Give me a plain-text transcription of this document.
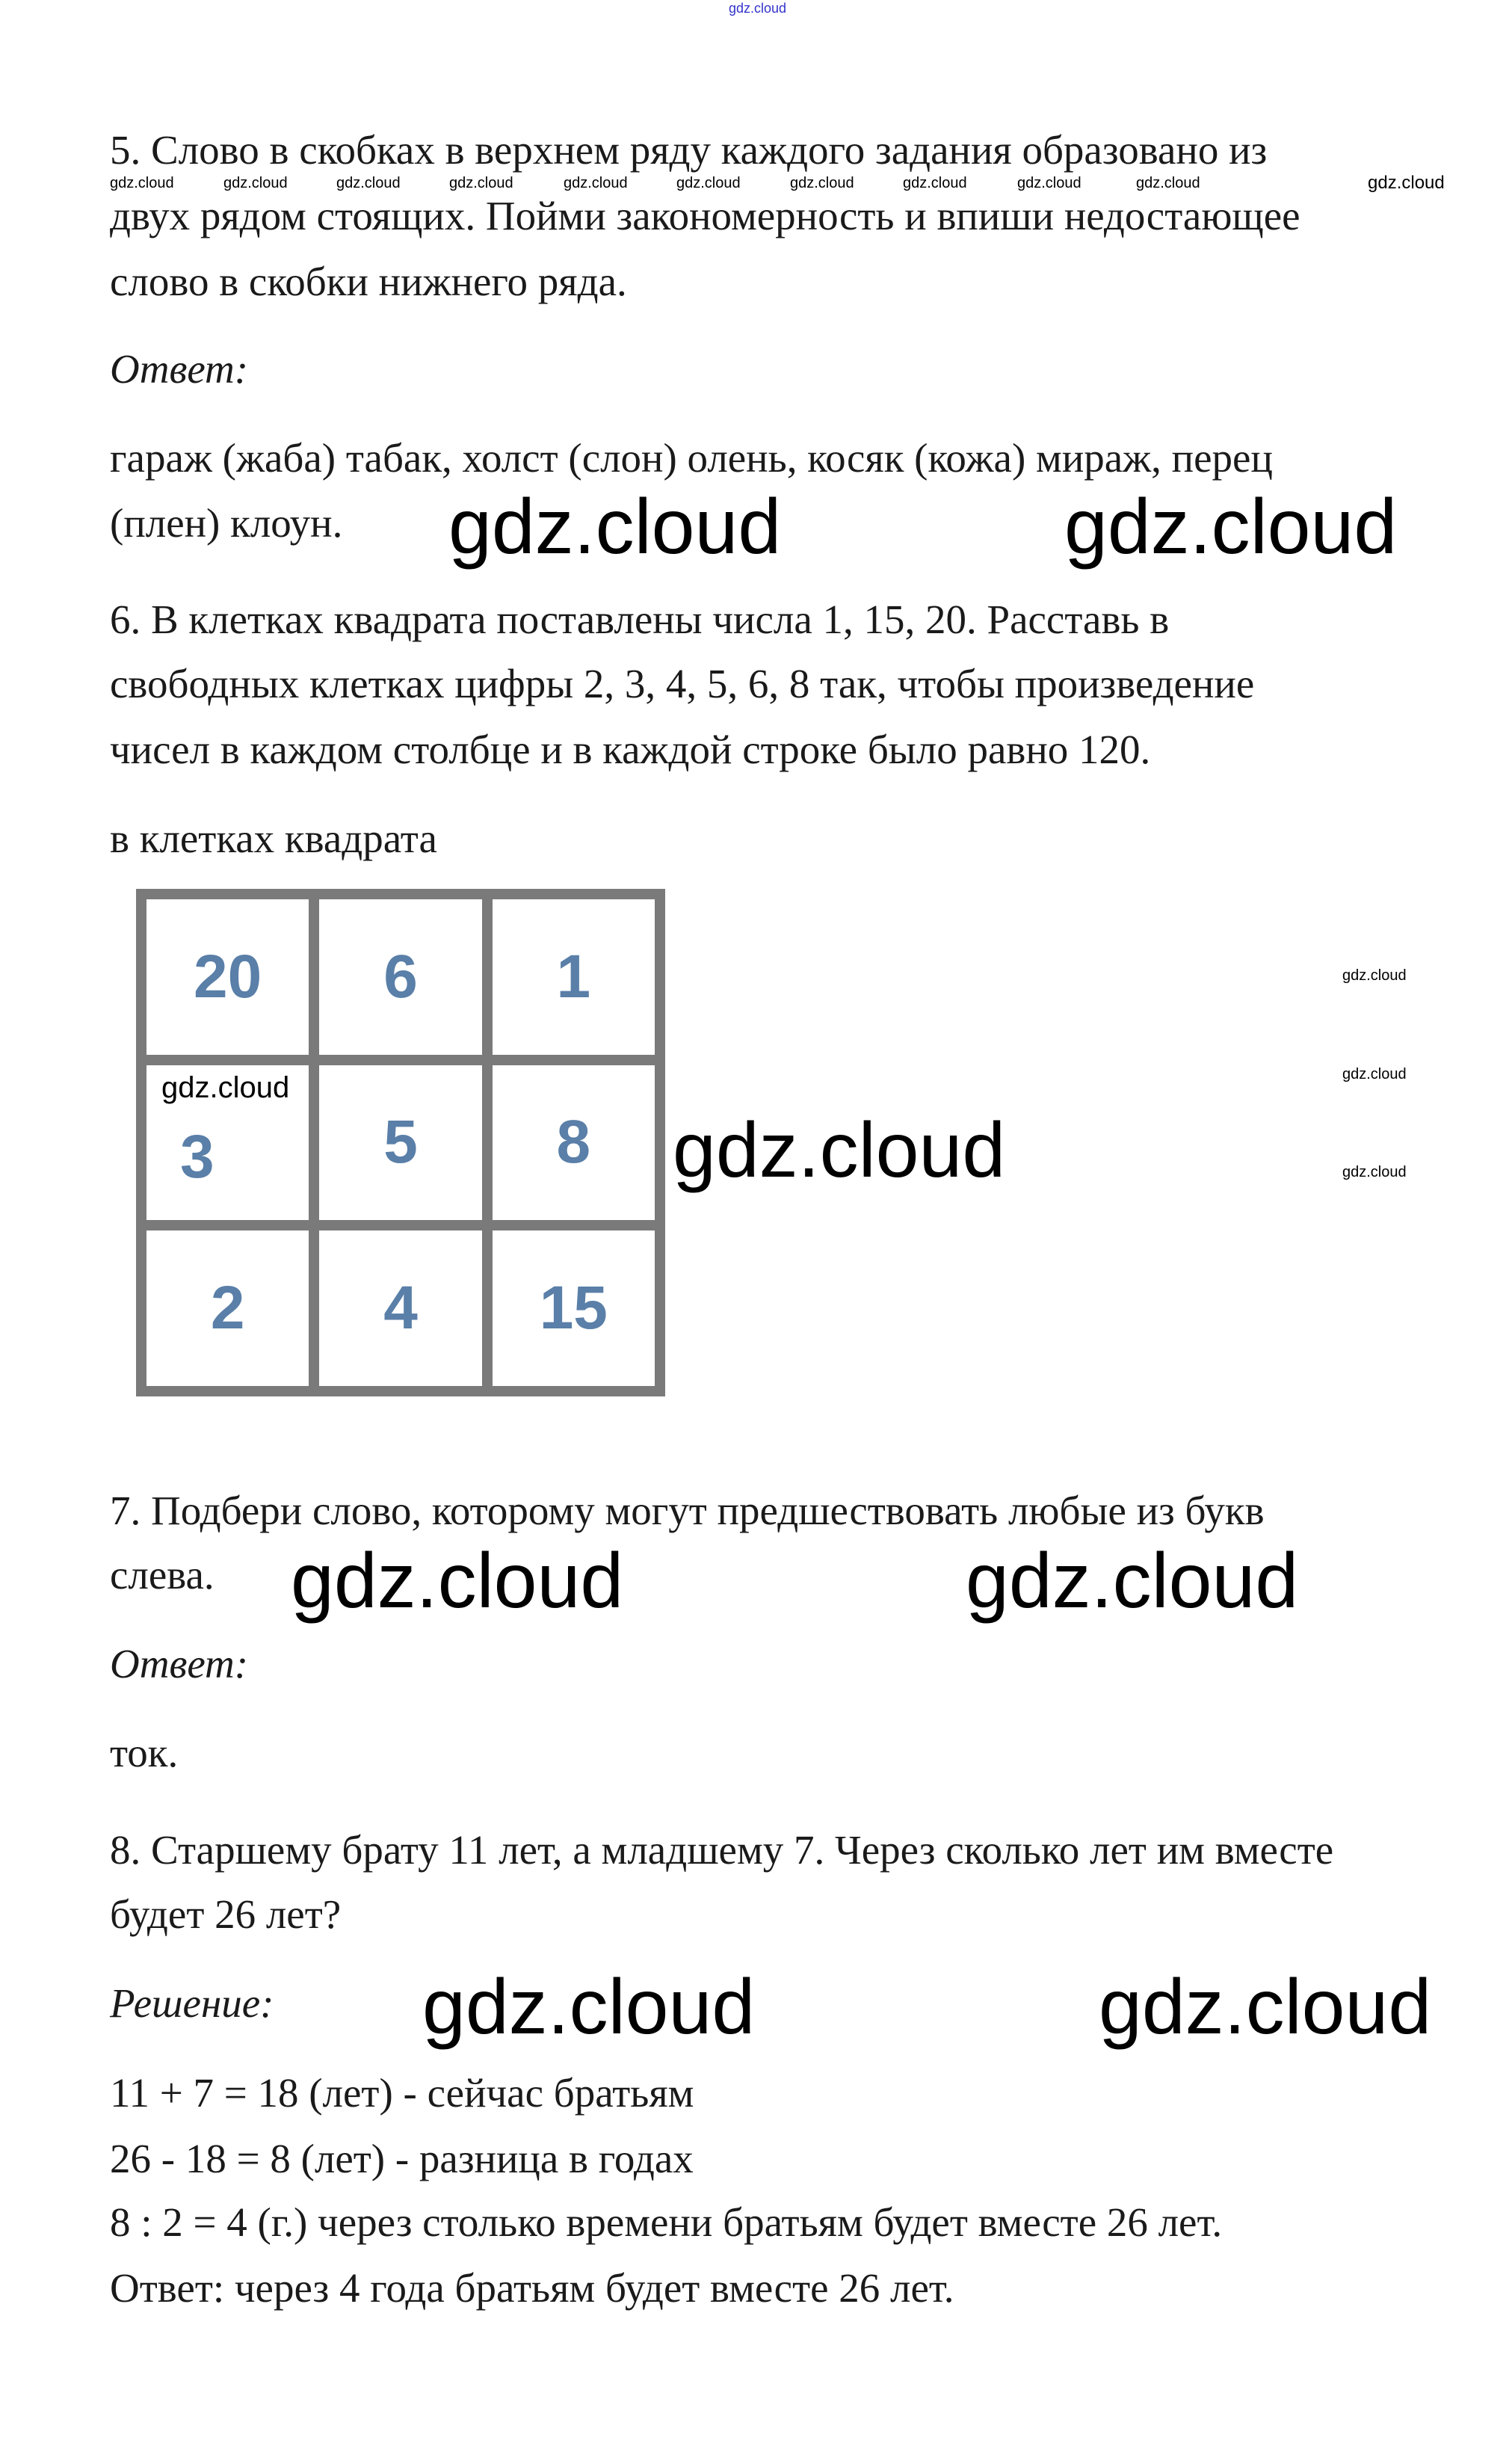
gdz.cloud
5. Слово в скобках в верхнем ряду каждого задания образовано из
gdz.cloud	gdz.cloud	gdz.cloud	gdz.cloud	gdz.cloud	gdz.cloud	gdz.cloud	gdz.cloud	gdz.cloud	gdz.cloud	gdz.cloud
двух рядом стоящих. Пойми закономерность и впиши недостающее
слово в скобки нижнего ряда.
Ответ:
гараж (жаба) табак, холст (слон) олень, косяк (кожа) мираж, перец
(плен) клоун. gdz.cloud	gdz.cloud
6. В клетках квадрата поставлены числа 1, 15, 20. Расставь в
свободных клетках цифры 2, 3, 4, 5, 6, 8 так, чтобы произведение
чисел в каждом столбце и в каждой строке было равно 120.
в клетках квадрата
20 6 1
gdz.cloud
3	5 8
2 4 15
gdz.cloud
gdz.cloud
gdz.cloud
gdz.cloud
7. Подбери слово, которому могут предшествовать любые из букв
слева. gdz.cloud	gdz.cloud
Ответ:
ток.
8. Старшему брату 11 лет, а младшему 7. Через сколько лет им вместе
будет 26 лет?
Решение: gdz.cloud	gdz.cloud
11 + 7 = 18 (лет) - сейчас братьям
26 - 18 = 8 (лет) - разница в годах
8 : 2 = 4 (г.) через столько времени братьям будет вместе 26 лет.
Ответ: через 4 года братьям будет вместе 26 лет.
